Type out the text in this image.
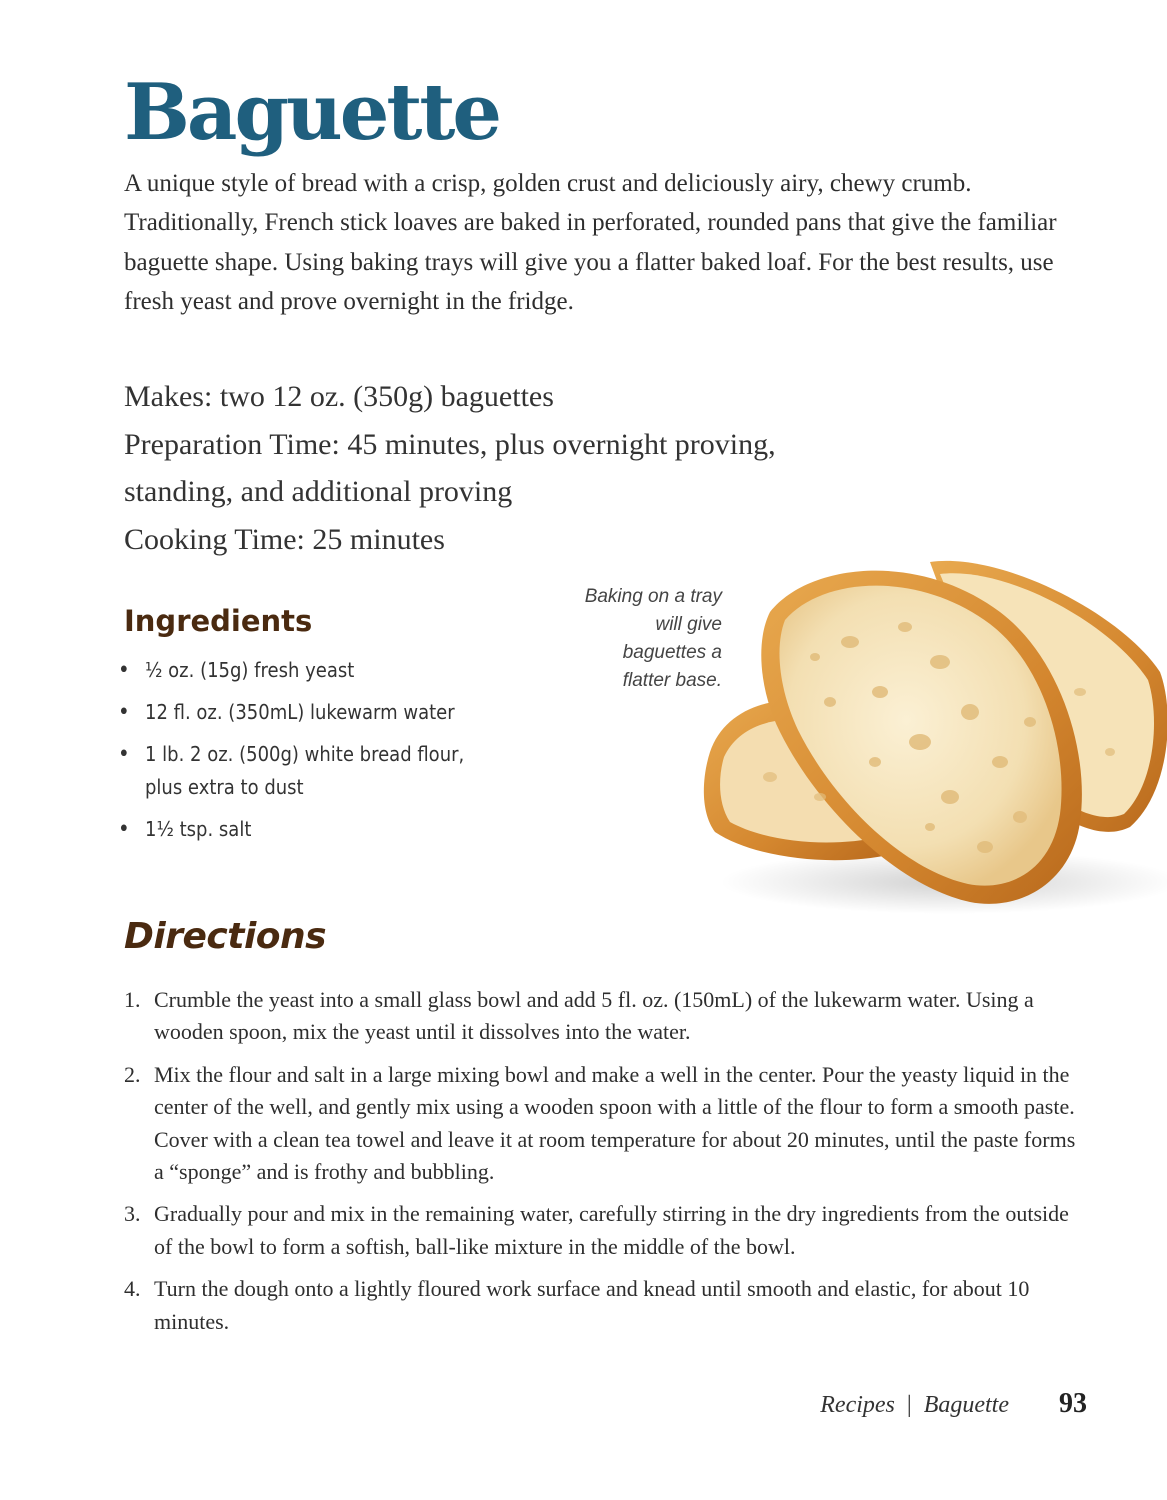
Baguette

A unique style of bread with a crisp, golden crust and deliciously airy, chewy crumb. Traditionally, French stick loaves are baked in perforated, rounded pans that give the familiar baguette shape. Using baking trays will give you a flatter baked loaf. For the best results, use fresh yeast and prove overnight in the fridge.

Makes: two 12 oz. (350g) baguettes

Preparation Time: 45 minutes, plus overnight proving, standing, and additional proving

Cooking Time: 25 minutes

Ingredients
• ½ oz. (15g) fresh yeast
• 12 fl. oz. (350mL) lukewarm water
• 1 lb. 2 oz. (500g) white bread flour, plus extra to dust
• 1½ tsp. salt
Baking on a tray will give baguettes a flatter base.
Directions
1. Crumble the yeast into a small glass bowl and add 5 fl. oz. (150mL) of the lukewarm water. Using a wooden spoon, mix the yeast until it dissolves into the water.
2. Mix the flour and salt in a large mixing bowl and make a well in the center. Pour the yeasty liquid in the center of the well, and gently mix using a wooden spoon with a little of the flour to form a smooth paste. Cover with a clean tea towel and leave it at room temperature for about 20 minutes, until the paste forms a “sponge” and is frothy and bubbling.
3. Gradually pour and mix in the remaining water, carefully stirring in the dry ingredients from the outside of the bowl to form a softish, ball-like mixture in the middle of the bowl.
4. Turn the dough onto a lightly floured work surface and knead until smooth and elastic, for about 10 minutes.
Recipes | Baguette 93
